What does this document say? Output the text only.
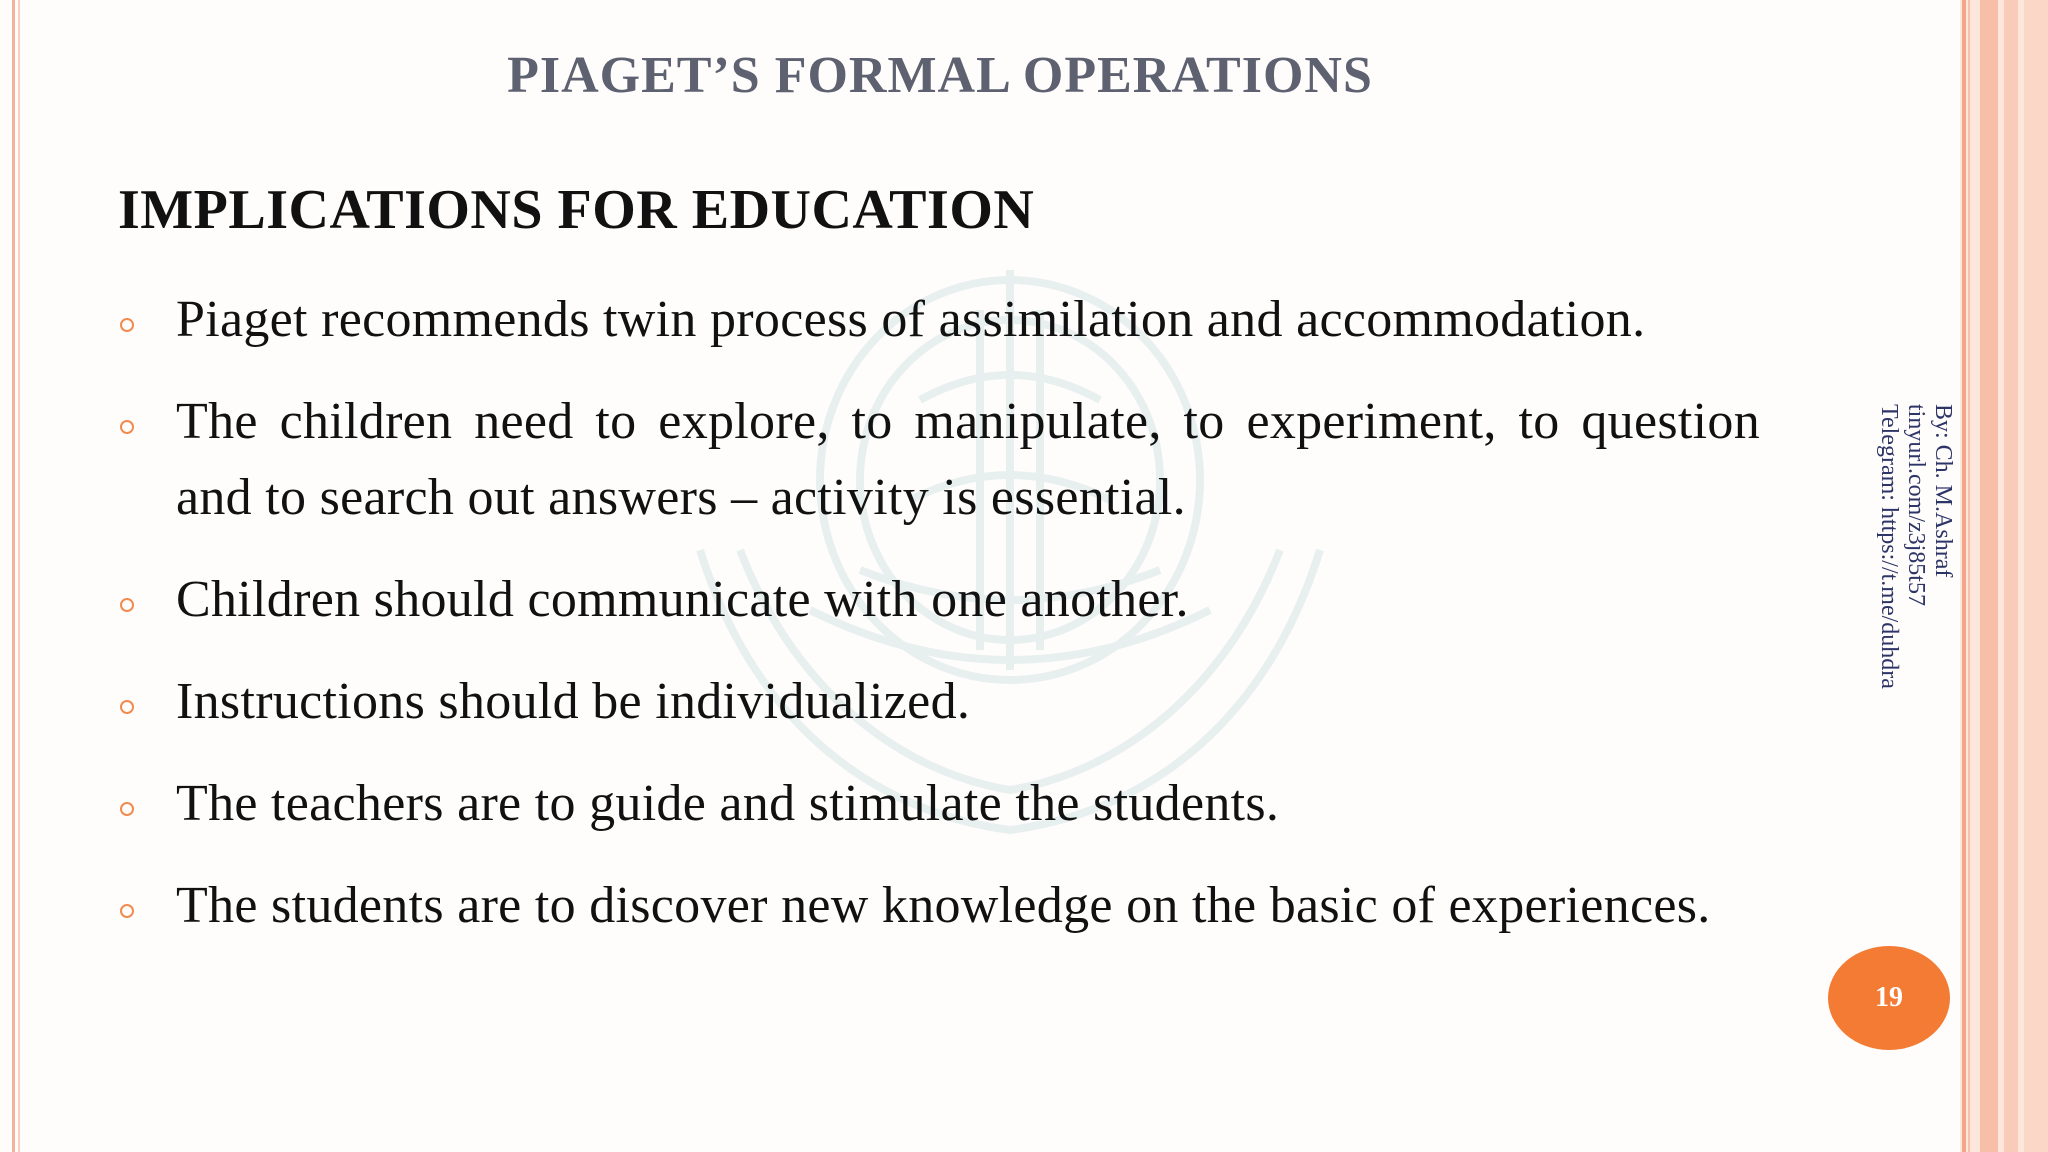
PIAGET’S FORMAL OPERATIONS
IMPLICATIONS FOR EDUCATION
Piaget recommends twin process of assimilation and accommodation.
The children need to explore, to manipulate, to experiment, to question and to search out answers – activity is essential.
Children should communicate with one another.
Instructions should be individualized.
The teachers are to guide and stimulate the students.
The students are to discover new knowledge on the basic of experiences.
By: Ch. M.Ashraf
tinyurl.com/z3j85t57
Telegram: https://t.me/duhdra
19
